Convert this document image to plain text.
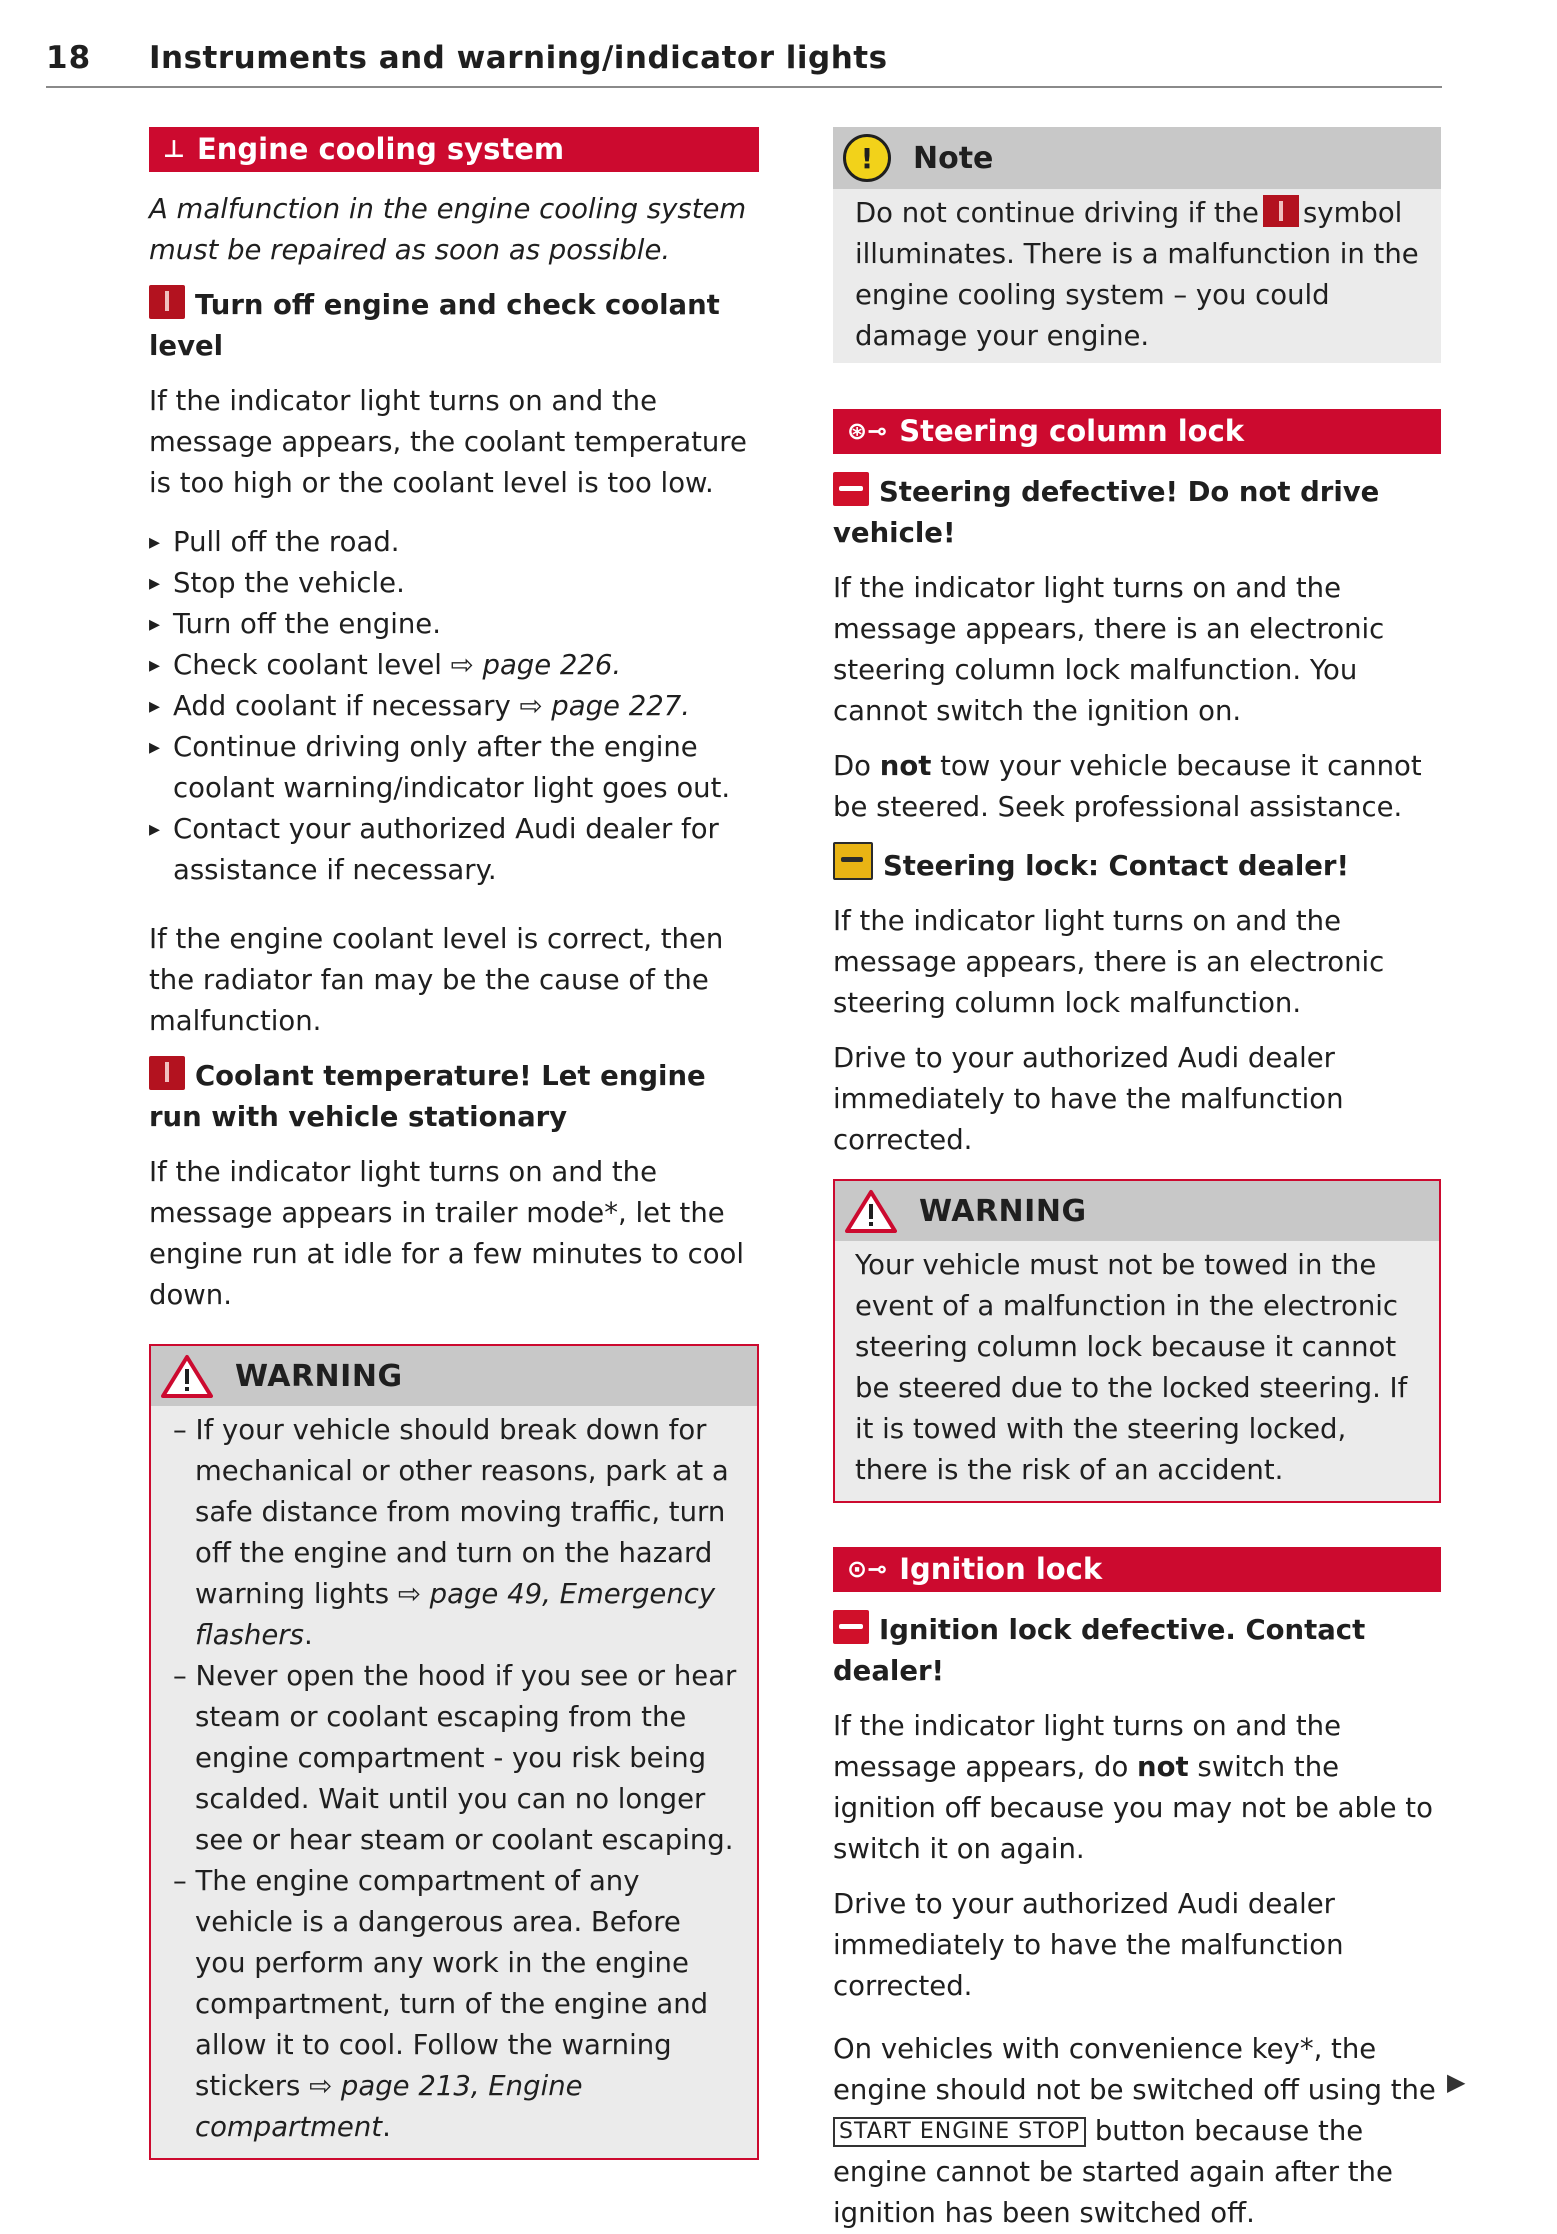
18 Instruments and warning/indicator lights
⊥ Engine cooling system

A malfunction in the engine cooling system must be repaired as soon as possible.

Turn off engine and check coolant level

If the indicator light turns on and the message appears, the coolant temperature is too high or the coolant level is too low.

▸ Pull off the road.
▸ Stop the vehicle.
▸ Turn off the engine.
▸ Check coolant level ⇨ page 226.
▸ Add coolant if necessary ⇨ page 227.
▸ Continue driving only after the engine coolant warning/indicator light goes out.
▸ Contact your authorized Audi dealer for assistance if necessary.

If the engine coolant level is correct, then the radiator fan may be the cause of the malfunction.

Coolant temperature! Let engine run with vehicle stationary

If the indicator light turns on and the message appears in trailer mode*, let the engine run at idle for a few minutes to cool down.

WARNING

– If your vehicle should break down for mechanical or other reasons, park at a safe distance from moving traffic, turn off the engine and turn on the hazard warning lights ⇨ page 49, Emergency flashers.

– Never open the hood if you see or hear steam or coolant escaping from the engine compartment - you risk being scalded. Wait until you can no longer see or hear steam or coolant escaping.

– The engine compartment of any vehicle is a dangerous area. Before you perform any work in the engine compartment, turn of the engine and allow it to cool. Follow the warning stickers ⇨ page 213, Engine compartment.

!	Note
Do not continue driving if the symbol illuminates. There is a malfunction in the engine cooling system – you could damage your engine.
⊛⊸ Steering column lock
Steering defective! Do not drive vehicle!

If the indicator light turns on and the message appears, there is an electronic steering column lock malfunction. You cannot switch the ignition on.

Do not tow your vehicle because it cannot be steered. Seek professional assistance.

Steering lock: Contact dealer!

If the indicator light turns on and the message appears, there is an electronic steering column lock malfunction.

Drive to your authorized Audi dealer immediately to have the malfunction corrected.

WARNING

Your vehicle must not be towed in the event of a malfunction in the electronic steering column lock because it cannot be steered due to the locked steering. If it is towed with the steering locked, there is the risk of an accident.

⊙⊸ Ignition lock
Ignition lock defective. Contact dealer!

If the indicator light turns on and the message appears, do not switch the ignition off because you may not be able to switch it on again.

Drive to your authorized Audi dealer immediately to have the malfunction corrected.

On vehicles with convenience key*, the engine should not be switched off using the START ENGINE STOP button because the engine cannot be started again after the ignition has been switched off.

▶
